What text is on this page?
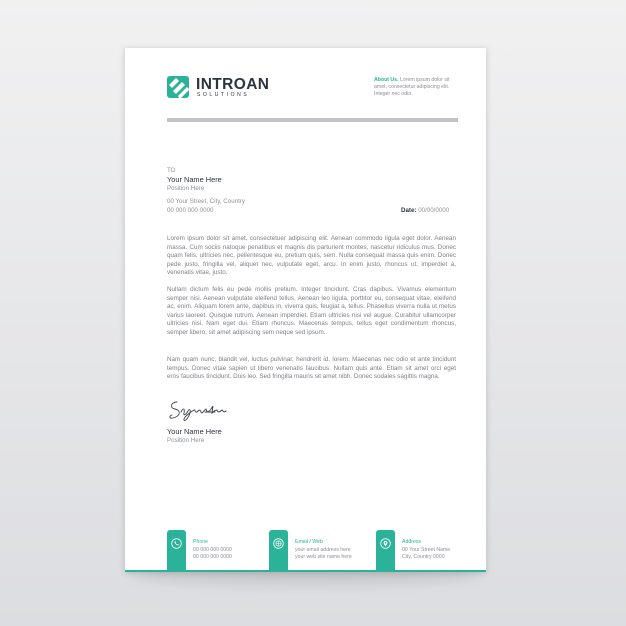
INTROAN
SOLUTIONS
About Us. Lorem ipsum dolor sit
amet, consectetur adipiscing elit.
Integer nec odio.
TO
Your Name Here
Position Here
00 Your Street, City, Country
00 000 000 0000	Date: 00/00/0000
Lorem ipsum dolor sit amet, consectetuer adipiscing elit. Aenean commodo ligula eget dolor. Aenean massa. Cum sociis natoque penatibus et magnis dis parturient montes, nascetur ridiculus mus. Donec quam felis, ultricies nec, pellentesque eu, pretium quis, sem. Nulla consequat massa quis enim. Donec pede justo, fringilla vel, aliquet nec, vulputate eget, arcu. In enim justo, rhoncus ut, imperdiet a, venenatis vitae, justo.
Nullam dictum felis eu pede mollis pretium. Integer tincidunt. Cras dapibus. Vivamus elementum semper nisi. Aenean vulputate eleifend tellus. Aenean leo ligula, porttitor eu, consequat vitae, eleifend ac, enim. Aliquam lorem ante, dapibus in, viverra quis, feugiat a, tellus. Phasellus viverra nulla ut metus varius laoreet. Quisque rutrum. Aenean imperdiet. Etiam ultricies nisi vel augue. Curabitur ullamcorper ultricies nisi. Nam eget dui. Etiam rhoncus. Maecenas tempus, tellus eget condimentum rhoncus, semper libero, sit amet adipiscing sem neque sed ipsum.
Nam quam nunc, blandit vel, luctus pulvinar, hendrerit id, lorem. Maecenas nec odio et ante tincidunt tempus. Donec vitae sapien ut libero venenatis faucibus. Nullam quis ante. Etiam sit amet orci eget eros faucibus tincidunt. Duis leo. Sed fringilla mauris sit amet nibh. Donec sodales sagittis magna.
Your Name Here
Position Here
Phone
00 000 000 0000
00 000 000 0000
Email / Web
your email address here
your web site name here
Address
00 Your Street Name
City, Country 0000
